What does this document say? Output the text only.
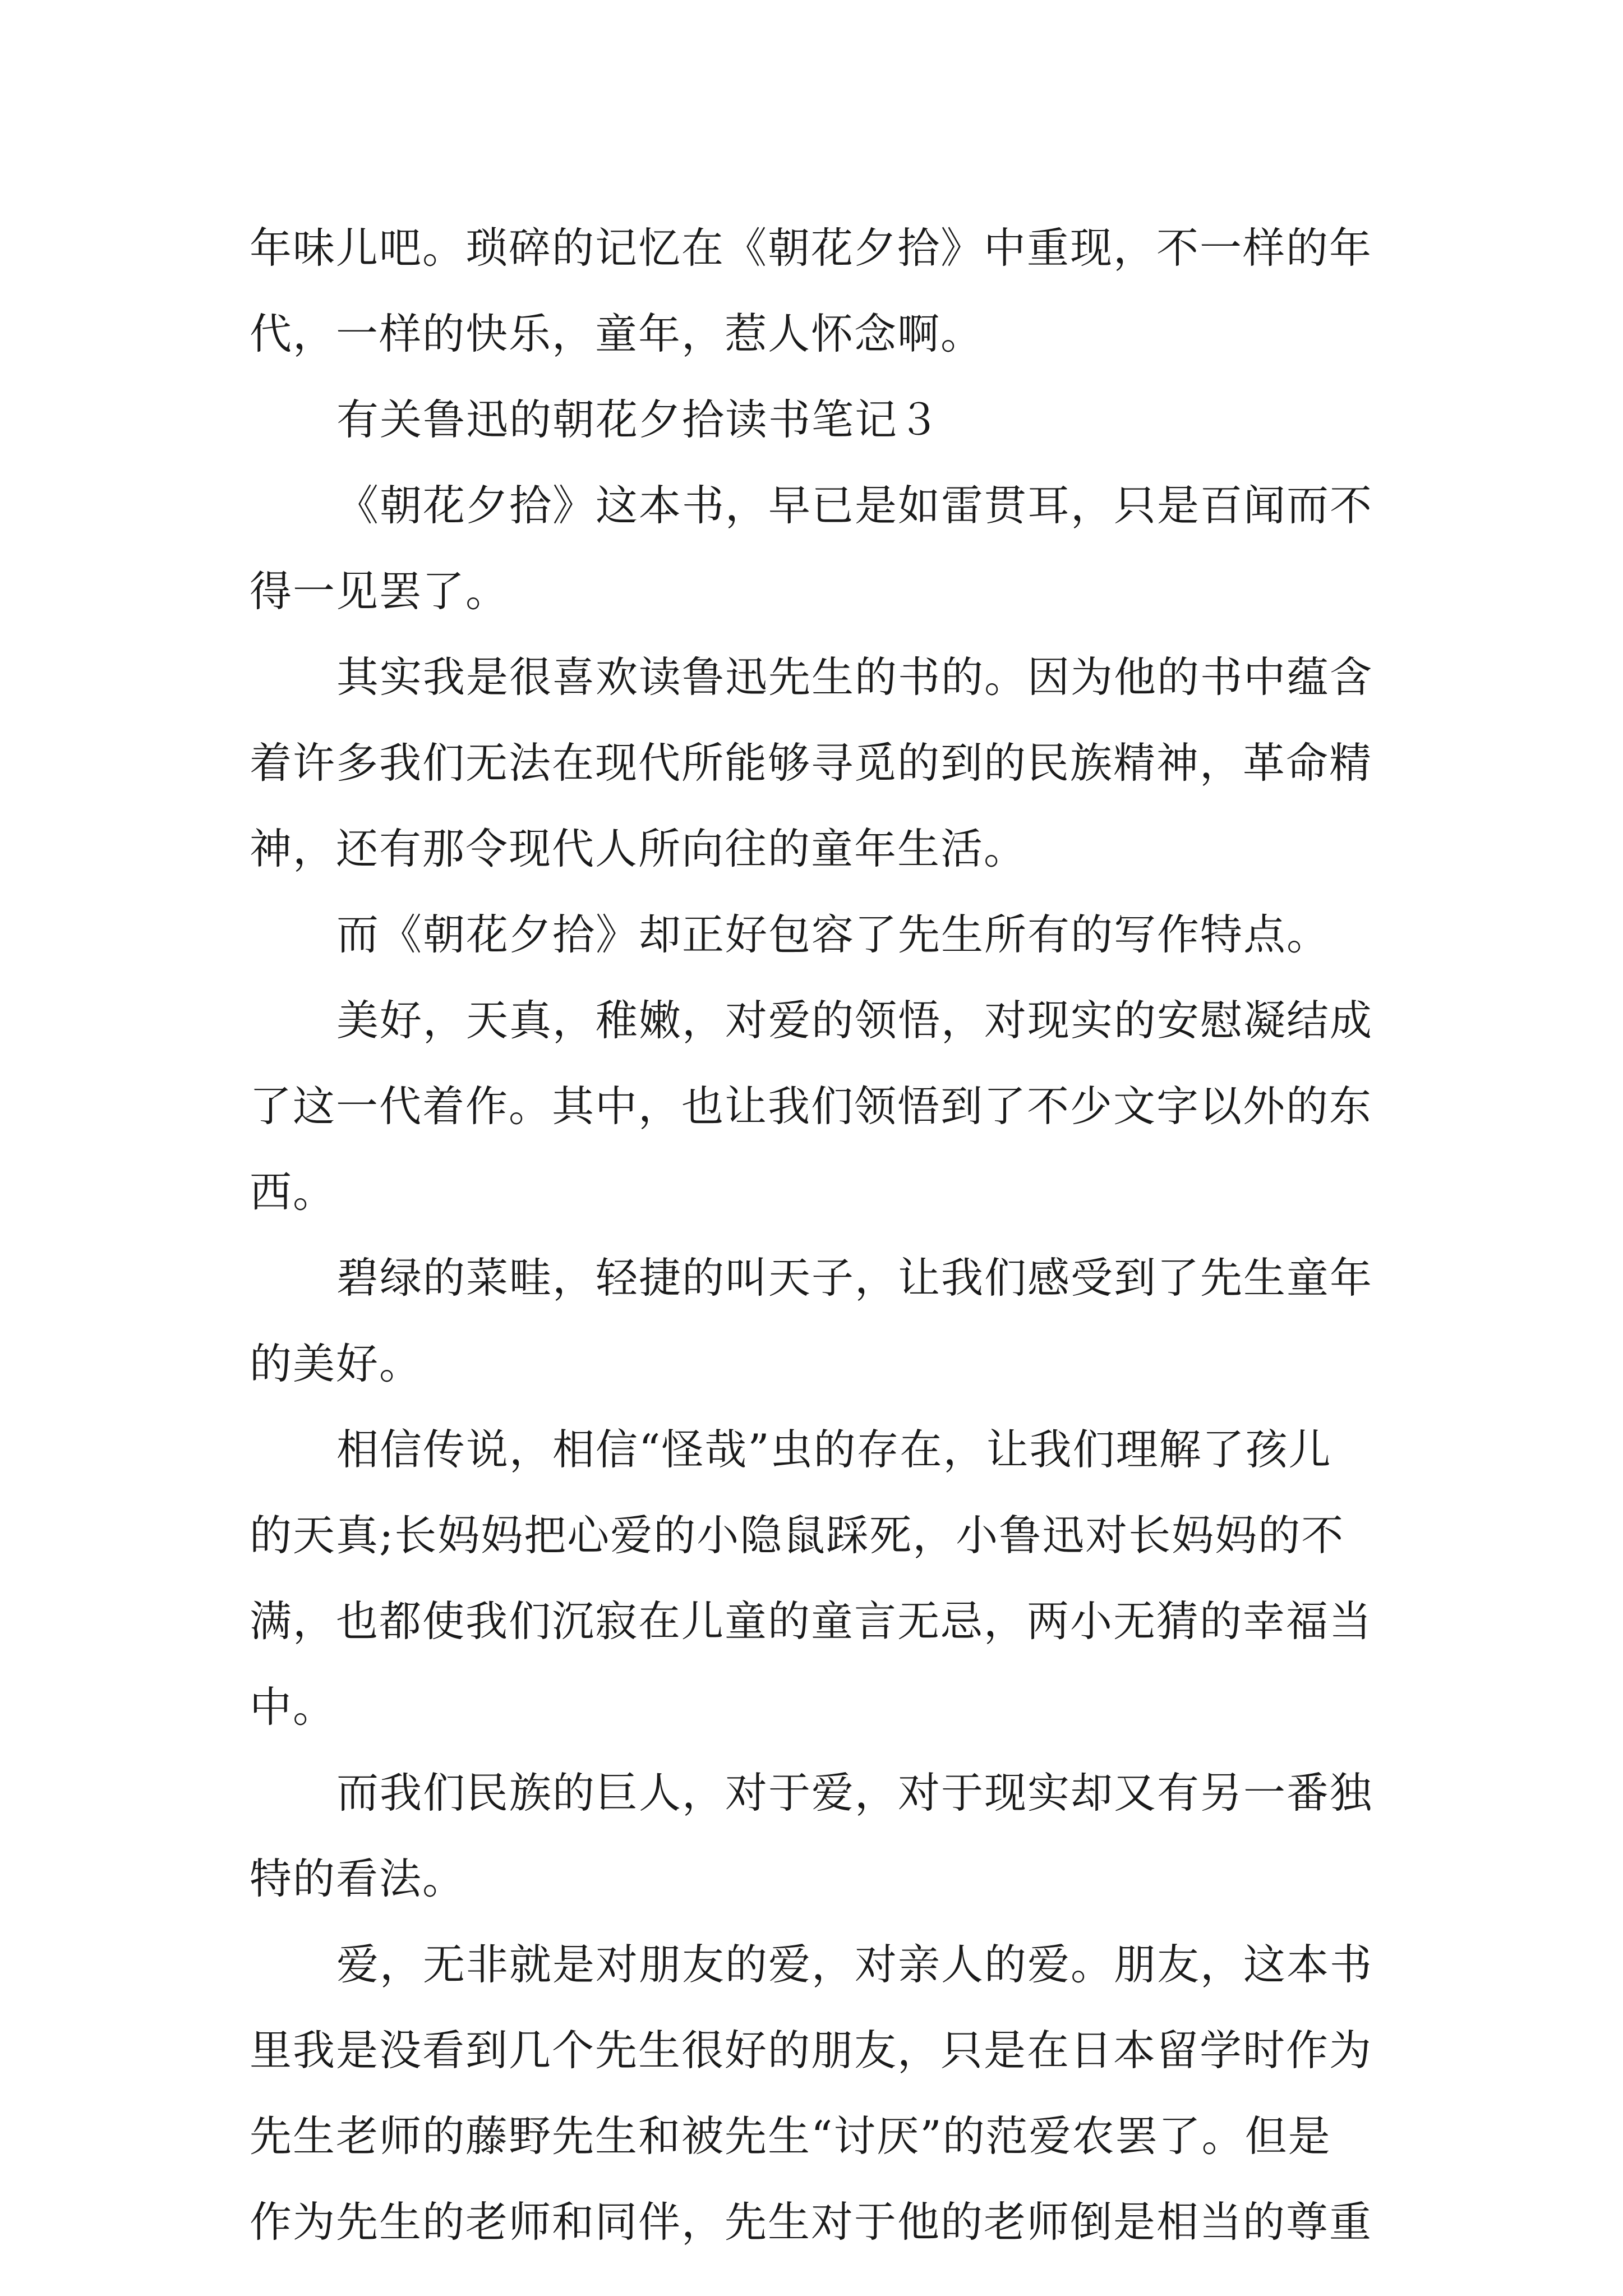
年味儿吧。琐碎的记忆在《朝花夕拾》中重现，不一样的年
代，一样的快乐，童年，惹人怀念啊。
有关鲁迅的朝花夕拾读书笔记３
《朝花夕拾》这本书，早已是如雷贯耳，只是百闻而不
得一见罢了。
其实我是很喜欢读鲁迅先生的书的。因为他的书中蕴含
着许多我们无法在现代所能够寻觅的到的民族精神，革命精
神，还有那令现代人所向往的童年生活。
而《朝花夕拾》却正好包容了先生所有的写作特点。
美好，天真，稚嫩，对爱的领悟，对现实的安慰凝结成
了这一代着作。其中，也让我们领悟到了不少文字以外的东
西。
碧绿的菜畦，轻捷的叫天子，让我们感受到了先生童年
的美好。
相信传说，相信“怪哉”虫的存在，让我们理解了孩儿
的天真;长妈妈把心爱的小隐鼠踩死，小鲁迅对长妈妈的不
满，也都使我们沉寂在儿童的童言无忌，两小无猜的幸福当
中。
而我们民族的巨人，对于爱，对于现实却又有另一番独
特的看法。
爱，无非就是对朋友的爱，对亲人的爱。朋友，这本书
里我是没看到几个先生很好的朋友，只是在日本留学时作为
先生老师的藤野先生和被先生“讨厌”的范爱农罢了。但是
作为先生的老师和同伴，先生对于他的老师倒是相当的尊重
